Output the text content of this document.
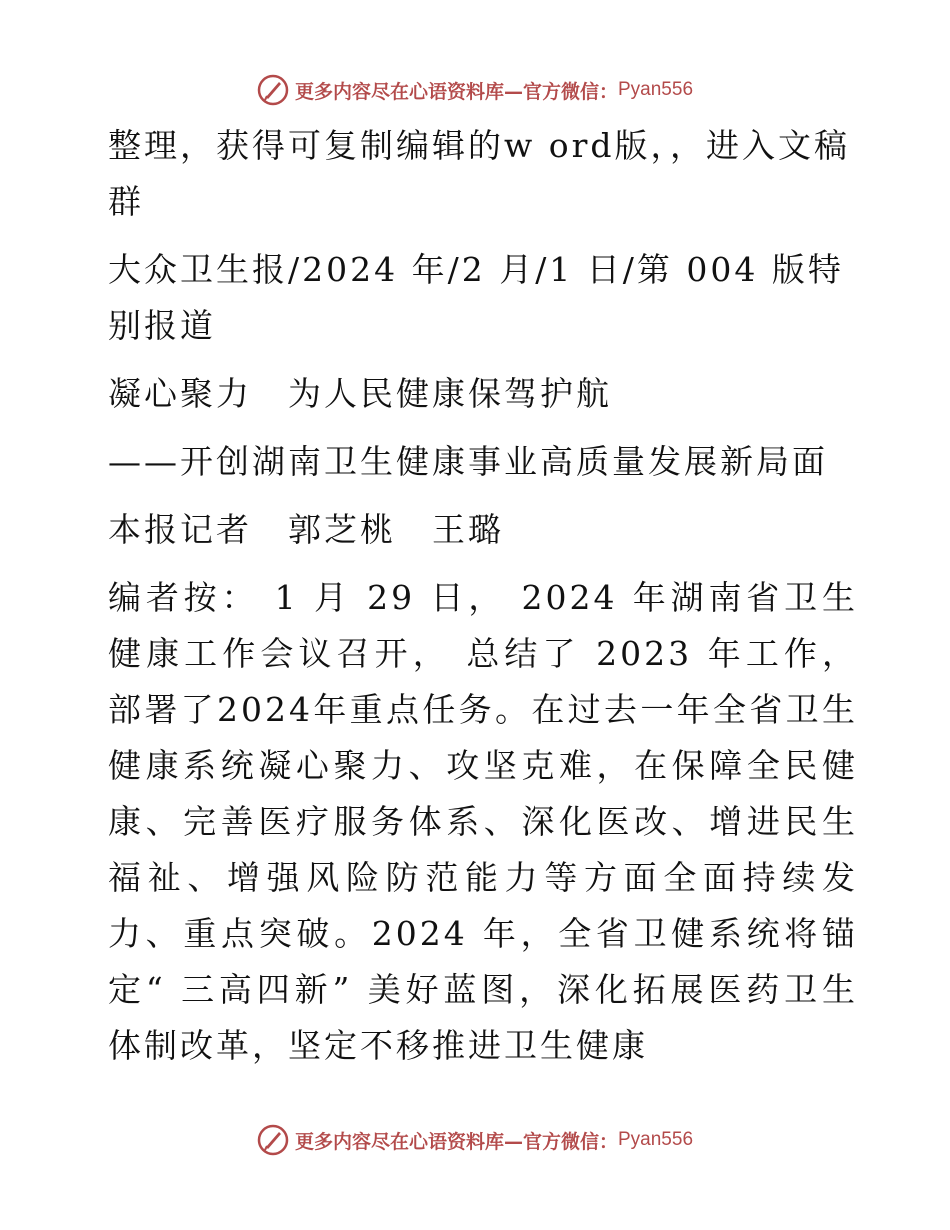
更多内容尽在心语资料库—官方微信： Pyan556

整理，获得可复制编辑的w ord版，，进入文稿群

大众卫生报/2024 年/2 月/1 日/第 004 版特别报道

凝心聚力　为人民健康保驾护航

——开创湖南卫生健康事业高质量发展新局面

本报记者　郭芝桃　王璐

编者按： 1 月 29 日， 2024 年湖南省卫生健康工作会议召开， 总结了 2023 年工作， 部署了2024年重点任务。在过去一年全省卫生健康系统凝心聚力、攻坚克难，在保障全民健康、完善医疗服务体系、深化医改、增进民生福祉、增强风险防范能力等方面全面持续发力、重点突破。2024 年，全省卫健系统将锚定“ 三高四新” 美好蓝图，深化拓展医药卫生体制改革，坚定不移推进卫生健康

更多内容尽在心语资料库—官方微信： Pyan556
